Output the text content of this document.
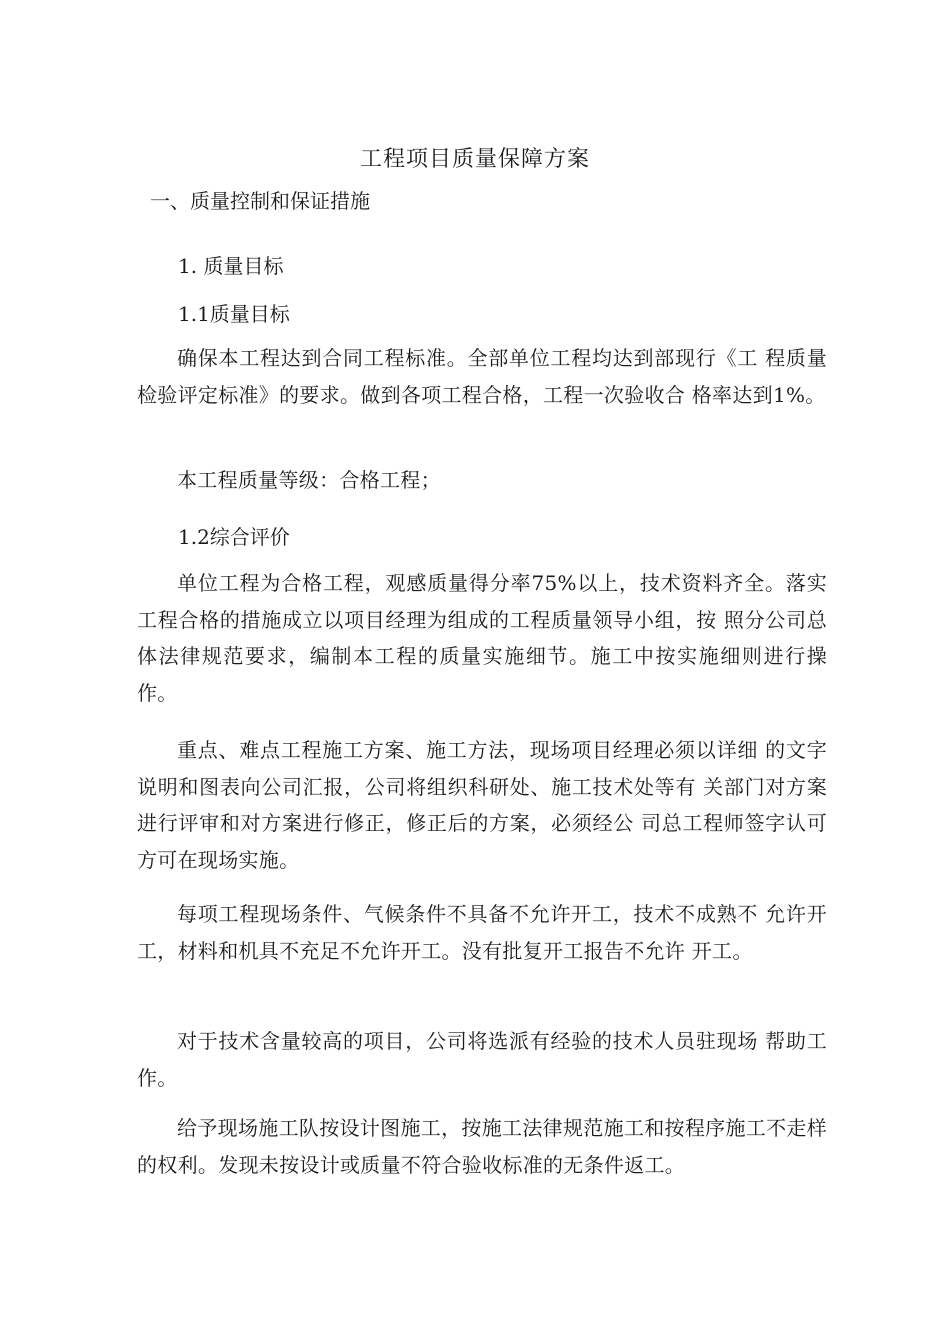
工程项目质量保障方案
一、质量控制和保证措施
1. 质量目标
1.1质量目标
确保本工程达到合同工程标准。全部单位工程均达到部现行《工 程质量检验评定标准》的要求。做到各项工程合格，工程一次验收合 格率达到1%。
本工程质量等级：合格工程；
1.2综合评价
单位工程为合格工程，观感质量得分率75%以上，技术资料齐全。落实工程合格的措施成立以项目经理为组成的工程质量领导小组，按 照分公司总体法律规范要求，编制本工程的质量实施细节。施工中按实施细则进行操作。
重点、难点工程施工方案、施工方法，现场项目经理必须以详细 的文字说明和图表向公司汇报，公司将组织科研处、施工技术处等有 关部门对方案进行评审和对方案进行修正，修正后的方案，必须经公 司总工程师签字认可方可在现场实施。
每项工程现场条件、气候条件不具备不允许开工，技术不成熟不 允许开工，材料和机具不充足不允许开工。没有批复开工报告不允许 开工。
对于技术含量较高的项目，公司将选派有经验的技术人员驻现场 帮助工作。
给予现场施工队按设计图施工，按施工法律规范施工和按程序施工不走样的权利。发现未按设计或质量不符合验收标准的无条件返工。
